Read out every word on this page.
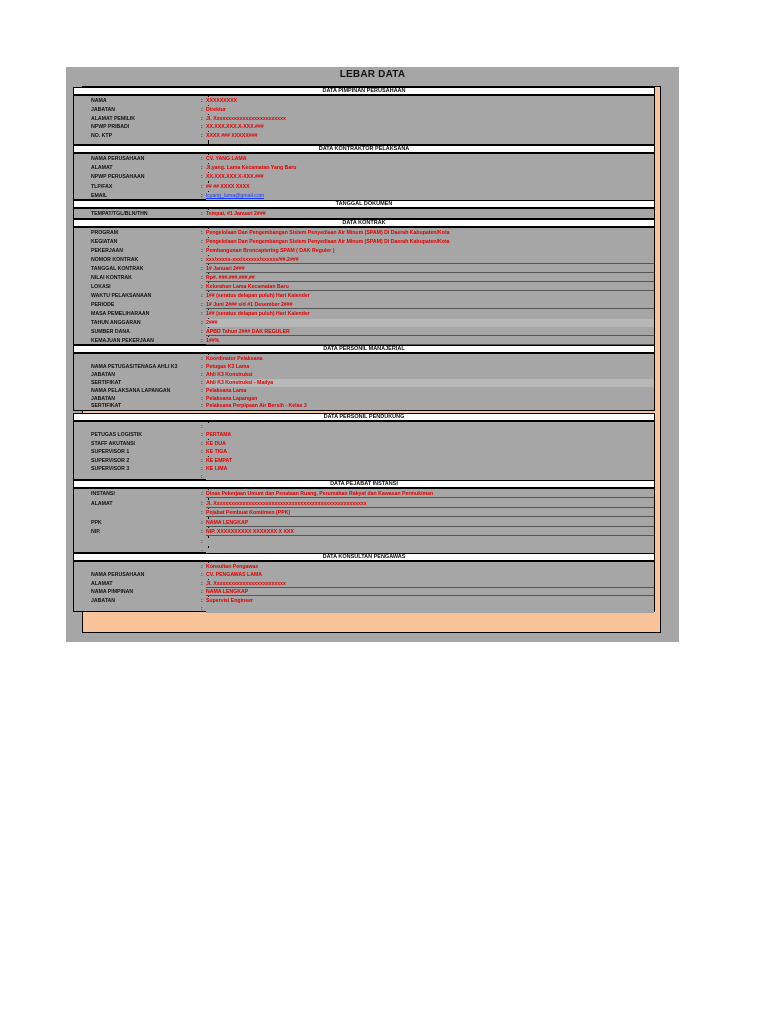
LEBAR DATA
DATA PIMPINAN PERUSAHAAN
NAMA	: XXXXXXXXX
JABATAN	: Direktur
ALAMAT PEMILIK	: Jl. Xxxxxxxxxxxxxxxxxxxxxxxxx
NPWP PRIBADI	: XX.XXX.XXX.X-XXX.###
NO. KTP	: XXXX ### XXXXX###
DATA KONTRAKTOR PELAKSANA
NAMA PERUSAHAAN	: CV. YANG LAMA
ALAMAT	: Jl.yang. Lama Kecamatan Yang Baru
NPWP PERUSAHAAN	: XX.XXX.XXX.X-XXX.###
TLP/FAX	: ## ## XXXX XXXX
EMAIL	: lcyang_lama@gmail.com
TANGGAL DOKUMEN
TEMPAT/TGL/BLN/THN	: Tempat, #1 Januari 2###
DATA KONTRAK
PROGRAM	: Pengelolaan Dan Pengembangan Sistem Penyediaan Air Minum (SPAM) Di Daerah Kabupaten/Kota
KEGIATAN	: Pengelolaan Dan Pengembangan Sistem Penyediaan Air Minum (SPAM) Di Daerah Kabupaten/Kota
PEKERJAAN	: Pembangunan Broncaptering SPAM ( DAK Reguler )
NOMOR KONTRAK	: xxx/xxxxx-xxx/xxxxxx/xxxxxx/##.2###
TANGGAL KONTRAK	: 1# Januari 2###
NILAI KONTRAK	: Rp#. ###.###.###,##
LOKASI	: Kelurahan Lama Kecamatan Baru
WAKTU PELAKSANAAN	: 1## (seratus delapan puluh) Hari Kalender
PERIODE	: 1# Juni 2### s/d #1 Desember 2###
MASA PEMELIHARAAN	: 1## (seratus delapan puluh) Hari Kalender
TAHUN ANGGARAN	: 2###
SUMBER DANA	: APBD Tahun 2### DAK REGULER
KEMAJUAN PEKERJAAN	: 1##%
DATA PERSONIL MANAJERIAL
: Koordinator Pelaksana
NAMA PETUGAS/TENAGA AHLI K3	: Petugas K3 Lama
JABATAN	: Ahli K3 Konstruksi
SERTIFIKAT	: Ahli K3 Konstruksi - Madya
NAMA PELAKSANA LAPANGAN	: Pelaksana Lama
JABATAN	: Pelaksana Lapangan
SERTIFIKAT	: Pelaksana Perpipaan Air Bersih - Kelas 3
DATA PERSONIL PENDUKUNG
:
PETUGAS LOGISTIK	: PERTAMA
STAFF AKUTANSI	: KE DUA
SUPERVISOR 1	: KE TIGA
SUPERVISOR 2	: KE EMPAT
SUPERVISOR 3	: KE LIMA
:
DATA PEJABAT INSTANSI
INSTANSI	: Dinas Pekerjaan Umum dan Penataan Ruang, Perumahan Rakyat dan Kawasan Permukiman
ALAMAT	: Jl. Xxxxxxxxxxxxxxxxxxxxxxxxxxxxxxxxxxxxxxxxxxxxxxxxxxxxx
: Pejabat Pembuat Komitmen (PPK)
PPK	: NAMA LENGKAP
NIP.	: NIP. XXXXXXXXXX XXXXXXX X XXX
:
:
DATA KONSULTAN PENGAWAS
: Konsultan Pengawas
NAMA PERUSAHAAN	: CV. PENGAWAS LAMA
ALAMAT	: Jl. Xxxxxxxxxxxxxxxxxxxxxxxxx
NAMA PIMPINAN	: NAMA LENGKAP
JABATAN	: Supervisi Engineer
:
